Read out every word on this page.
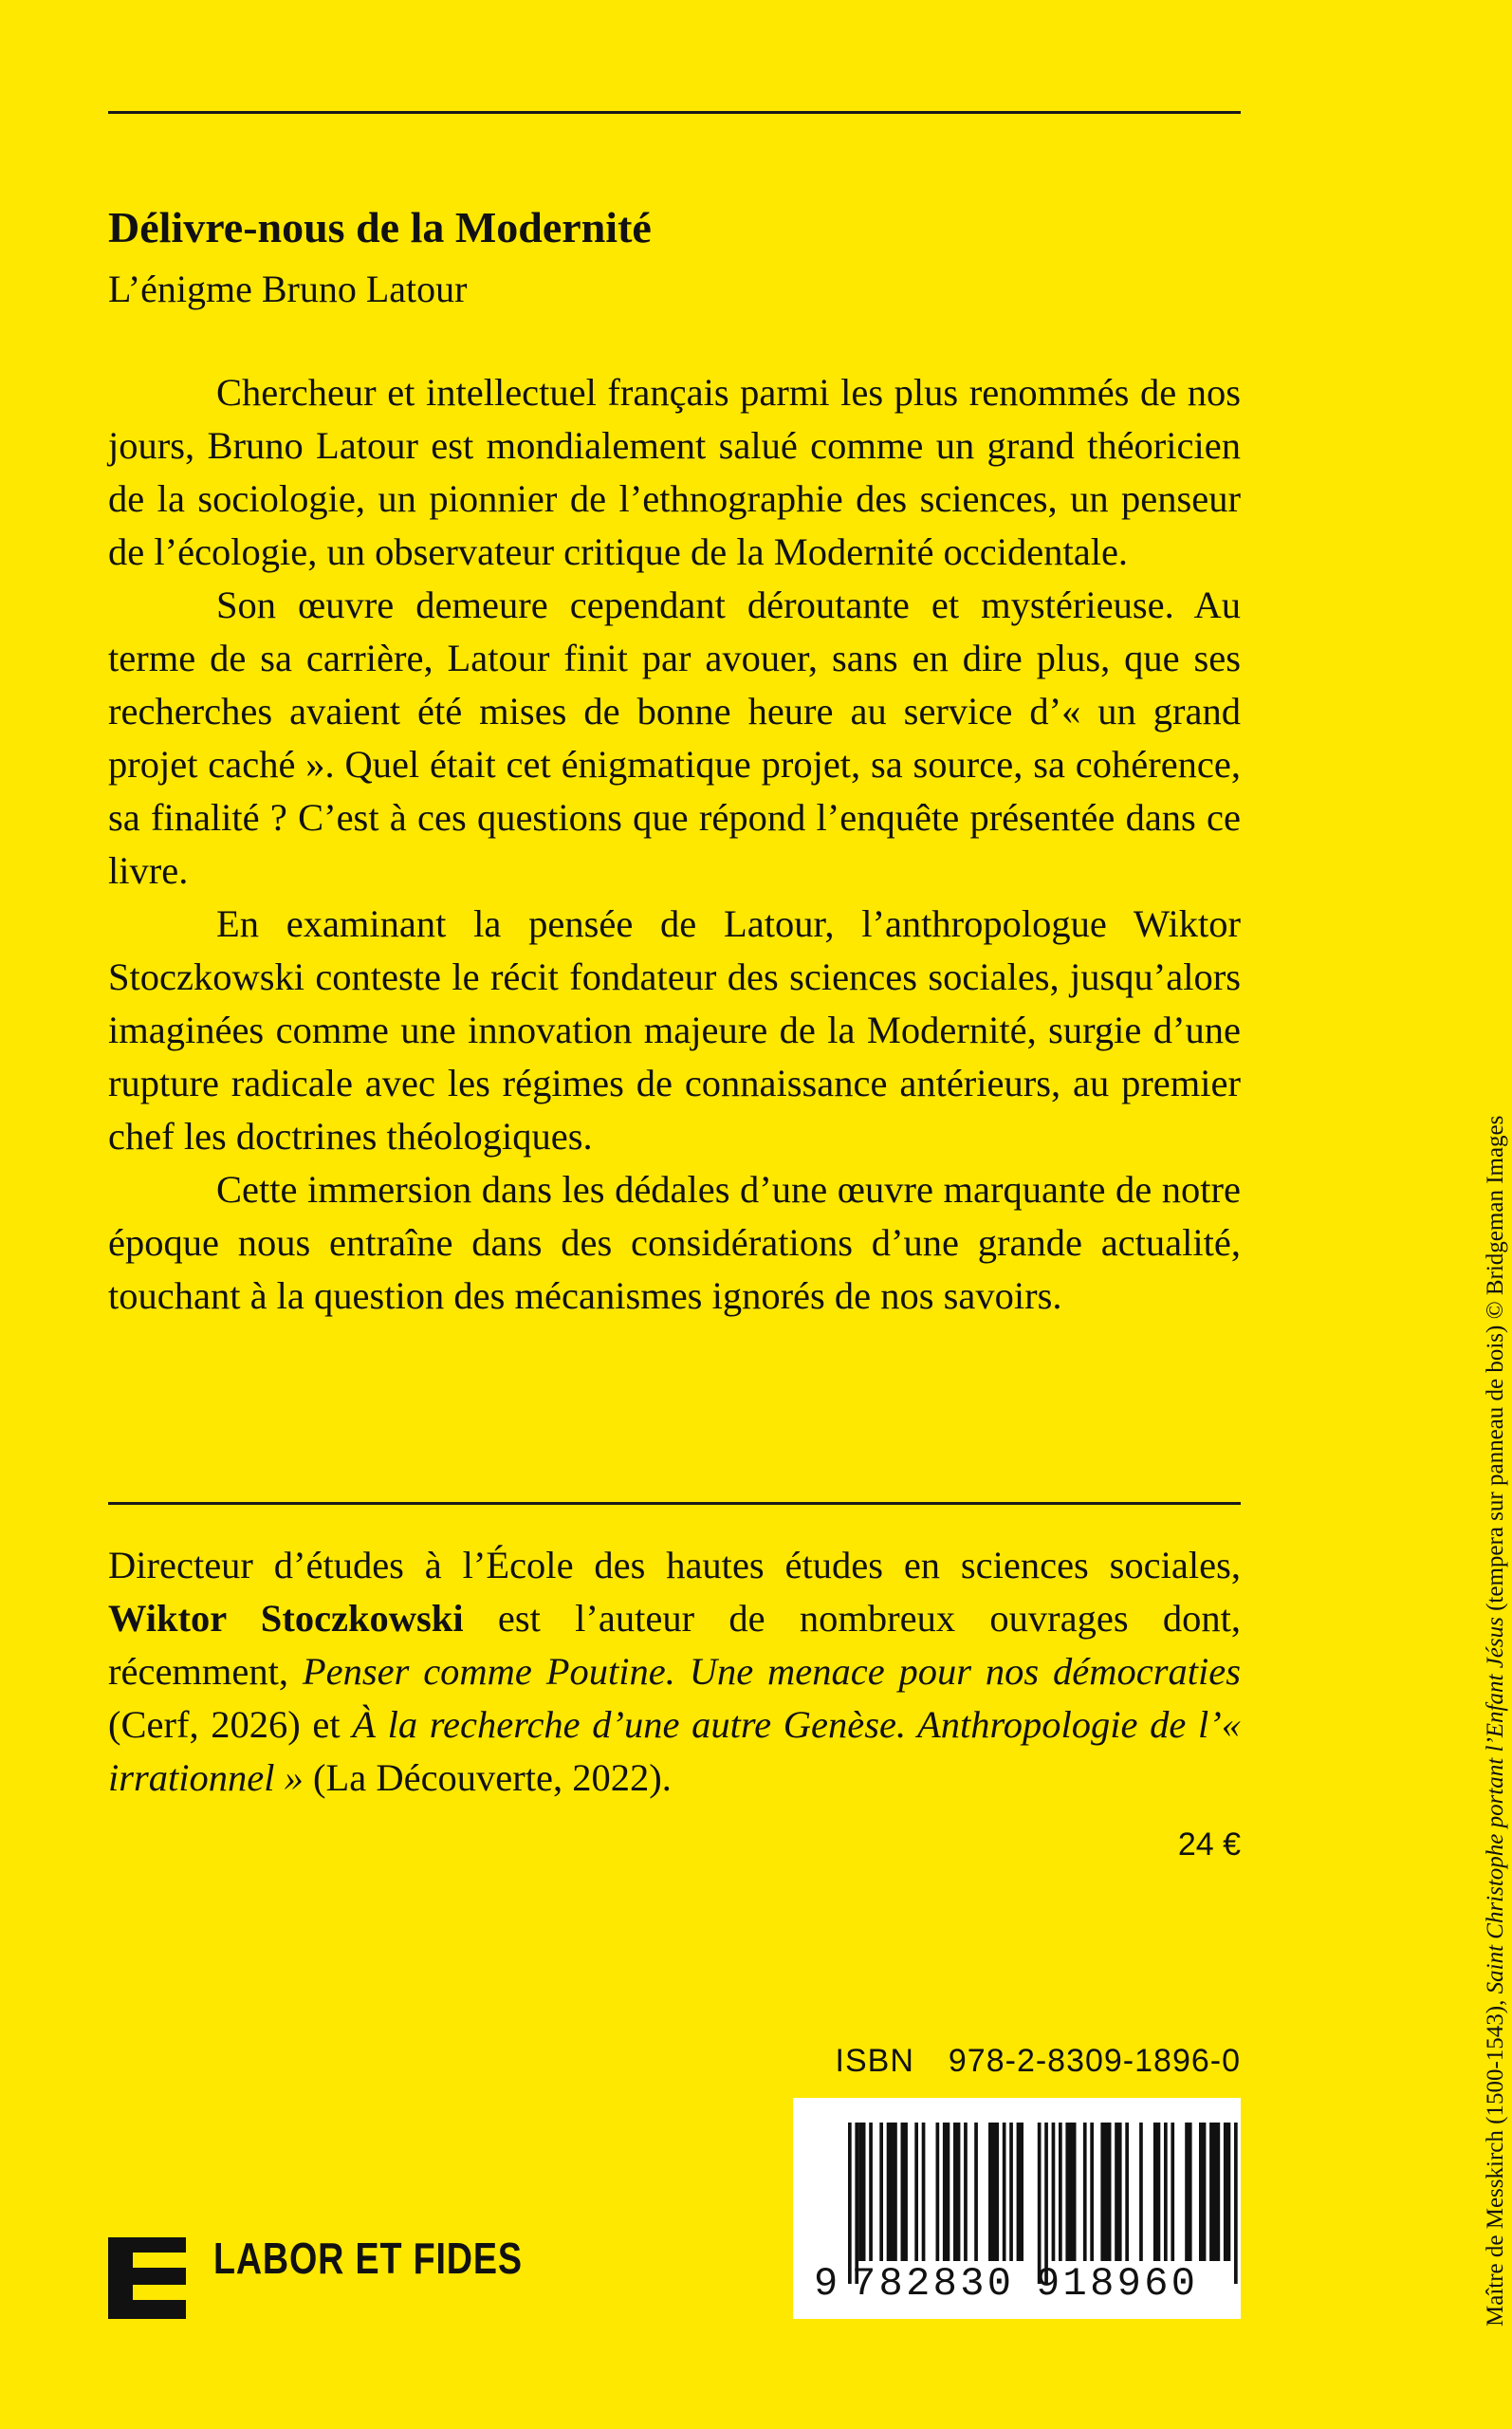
Délivre-nous de la Modernité

L’énigme Bruno Latour

Chercheur et intellectuel français parmi les plus renommés de nos jours, Bruno Latour est mondialement salué comme un grand théoricien de la sociologie, un pionnier de l’ethnographie des sciences, un penseur de l’écologie, un observateur critique de la Modernité occidentale.

Son œuvre demeure cependant déroutante et mystérieuse. Au terme de sa carrière, Latour finit par avouer, sans en dire plus, que ses recherches avaient été mises de bonne heure au service d’« un grand projet caché ». Quel était cet énigmatique projet, sa source, sa cohérence, sa finalité ? C’est à ces questions que répond l’enquête présentée dans ce livre.

En examinant la pensée de Latour, l’anthropologue Wiktor Stoczkowski conteste le récit fondateur des sciences sociales, jusqu’alors imaginées comme une innovation majeure de la Modernité, surgie d’une rupture radicale avec les régimes de connaissance antérieurs, au premier chef les doctrines théologiques.

Cette immersion dans les dédales d’une œuvre marquante de notre époque nous entraîne dans des considérations d’une grande actualité, touchant à la question des mécanismes ignorés de nos savoirs.

Directeur d’études à l’École des hautes études en sciences sociales, Wiktor Stoczkowski est l’auteur de nombreux ouvrages dont, récemment, Penser comme Poutine. Une menace pour nos démocraties (Cerf, 2026) et À la recherche d’une autre Genèse. Anthropologie de l’« irrationnel » (La Découverte, 2022).

24 €

ISBN 978-2-8309-1896-0

9 782830 918960

LABOR ET FIDES	Maître de Messkirch (1500-1543), Saint Christophe portant l’Enfant Jésus (tempera sur panneau de bois) © Bridgeman Images
